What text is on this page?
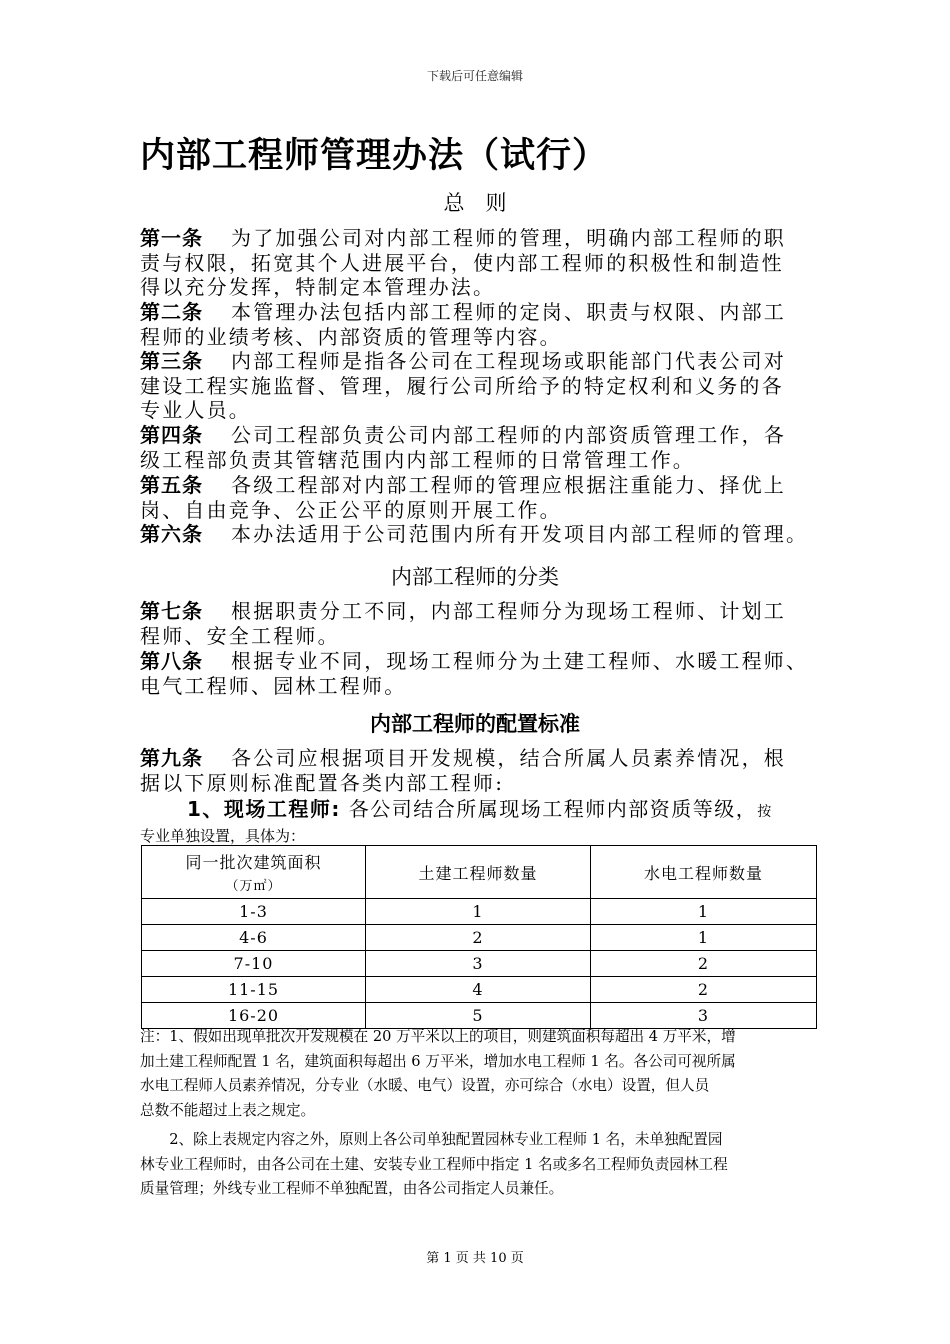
下载后可任意编辑
内部工程师管理办法（试行）
总　则
第一条 为了加强公司对内部工程师的管理，明确内部工程师的职
责与权限，拓宽其个人进展平台，使内部工程师的积极性和制造性
得以充分发挥，特制定本管理办法。
第二条 本管理办法包括内部工程师的定岗、职责与权限、内部工
程师的业绩考核、内部资质的管理等内容。
第三条 内部工程师是指各公司在工程现场或职能部门代表公司对
建设工程实施监督、管理，履行公司所给予的特定权利和义务的各
专业人员。
第四条 公司工程部负责公司内部工程师的内部资质管理工作，各
级工程部负责其管辖范围内内部工程师的日常管理工作。
第五条 各级工程部对内部工程师的管理应根据注重能力、择优上
岗、自由竞争、公正公平的原则开展工作。
第六条 本办法适用于公司范围内所有开发项目内部工程师的管理。
内部工程师的分类
第七条 根据职责分工不同，内部工程师分为现场工程师、计划工
程师、安全工程师。
第八条 根据专业不同，现场工程师分为土建工程师、水暖工程师、
电气工程师、园林工程师。
内部工程师的配置标准
第九条 各公司应根据项目开发规模，结合所属人员素养情况，根
据以下原则标准配置各类内部工程师:

1、现场工程师: 各公司结合所属现场工程师内部资质等级，按

专业单独设置，具体为：

同一批次建筑面积
（万㎡）	土建工程师数量	水电工程师数量
1-3	1	1
4-6	2	1
7-10	3	2
11-15	4	2
16-20	5	3
注：1、假如出现单批次开发规模在 20 万平米以上的项目，则建筑面积每超出 4 万平米，增
加土建工程师配置 1 名，建筑面积每超出 6 万平米，增加水电工程师 1 名。各公司可视所属
水电工程师人员素养情况，分专业（水暖、电气）设置，亦可综合（水电）设置，但人员
总数不能超过上表之规定。
　　2、除上表规定内容之外，原则上各公司单独配置园林专业工程师 1 名，未单独配置园
林专业工程师时，由各公司在土建、安装专业工程师中指定 1 名或多名工程师负责园林工程
质量管理；外线专业工程师不单独配置，由各公司指定人员兼任。
第 1 页 共 10 页
